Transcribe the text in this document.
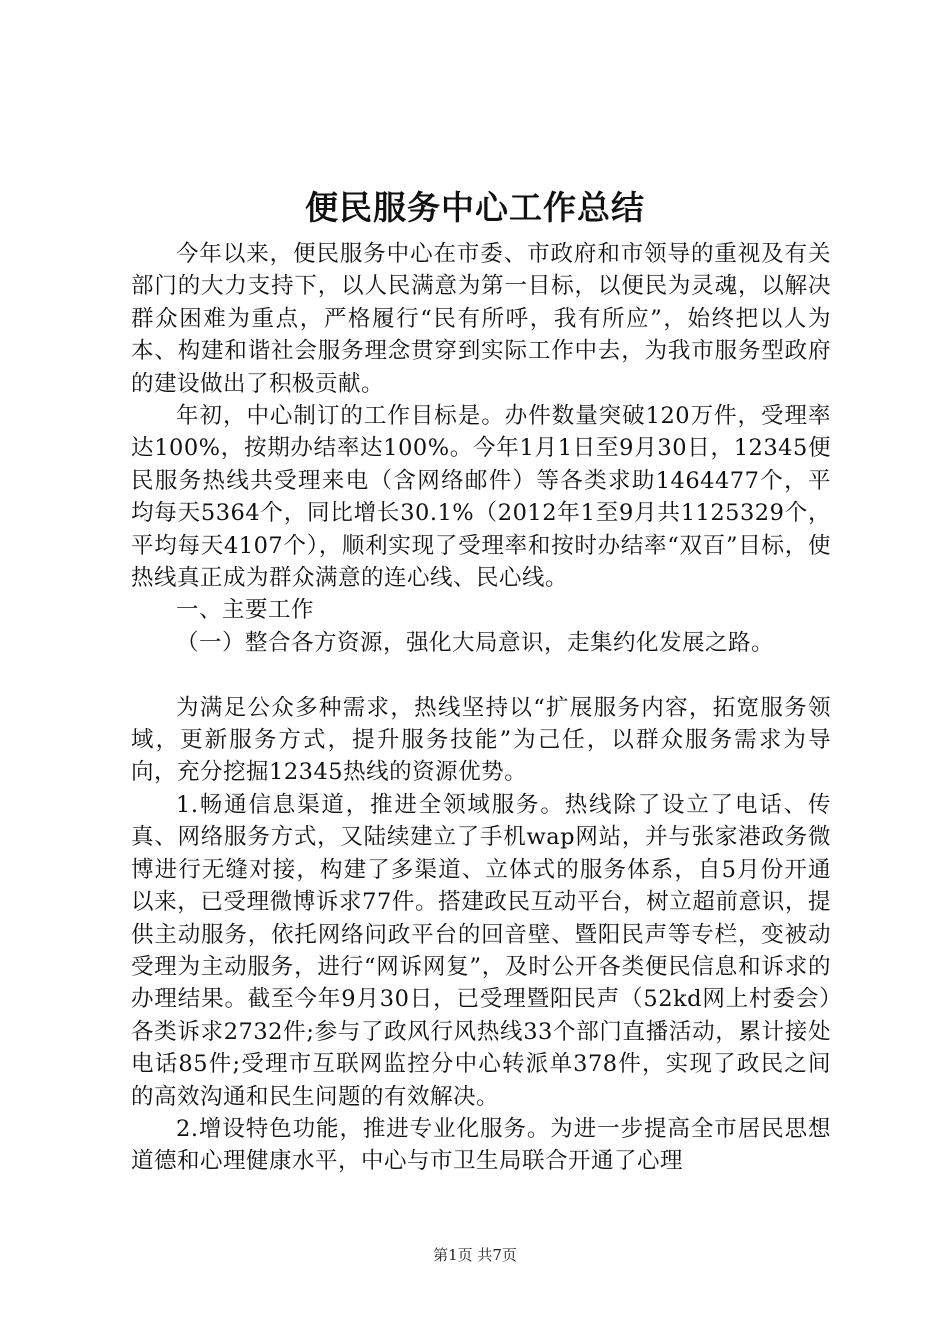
便民服务中心工作总结

今年以来，便民服务中心在市委、市政府和市领导的重视及有关部门的大力支持下，以人民满意为第一目标，以便民为灵魂，以解决群众困难为重点，严格履行“民有所呼，我有所应”，始终把以人为本、构建和谐社会服务理念贯穿到实际工作中去，为我市服务型政府的建设做出了积极贡献。

年初，中心制订的工作目标是。办件数量突破120万件，受理率达100%，按期办结率达100%。今年1月1日至9月30日，12345便民服务热线共受理来电（含网络邮件）等各类求助1464477个，平均每天5364个，同比增长30.1%（2012年1至9月共1125329个，平均每天4107个），顺利实现了受理率和按时办结率“双百”目标，使热线真正成为群众满意的连心线、民心线。

一、主要工作

（一）整合各方资源，强化大局意识，走集约化发展之路。

为满足公众多种需求，热线坚持以“扩展服务内容，拓宽服务领域，更新服务方式，提升服务技能”为己任，以群众服务需求为导向，充分挖掘12345热线的资源优势。

1.畅通信息渠道，推进全领域服务。热线除了设立了电话、传真、网络服务方式，又陆续建立了手机wap网站，并与张家港政务微博进行无缝对接，构建了多渠道、立体式的服务体系，自5月份开通以来，已受理微博诉求77件。搭建政民互动平台，树立超前意识，提供主动服务，依托网络问政平台的回音壁、暨阳民声等专栏，变被动受理为主动服务，进行“网诉网复”，及时公开各类便民信息和诉求的办理结果。截至今年9月30日，已受理暨阳民声（52kd网上村委会）各类诉求2732件;参与了政风行风热线33个部门直播活动，累计接处电话85件;受理市互联网监控分中心转派单378件，实现了政民之间的高效沟通和民生问题的有效解决。

2.增设特色功能，推进专业化服务。为进一步提高全市居民思想道德和心理健康水平，中心与市卫生局联合开通了心理

第1页 共7页
